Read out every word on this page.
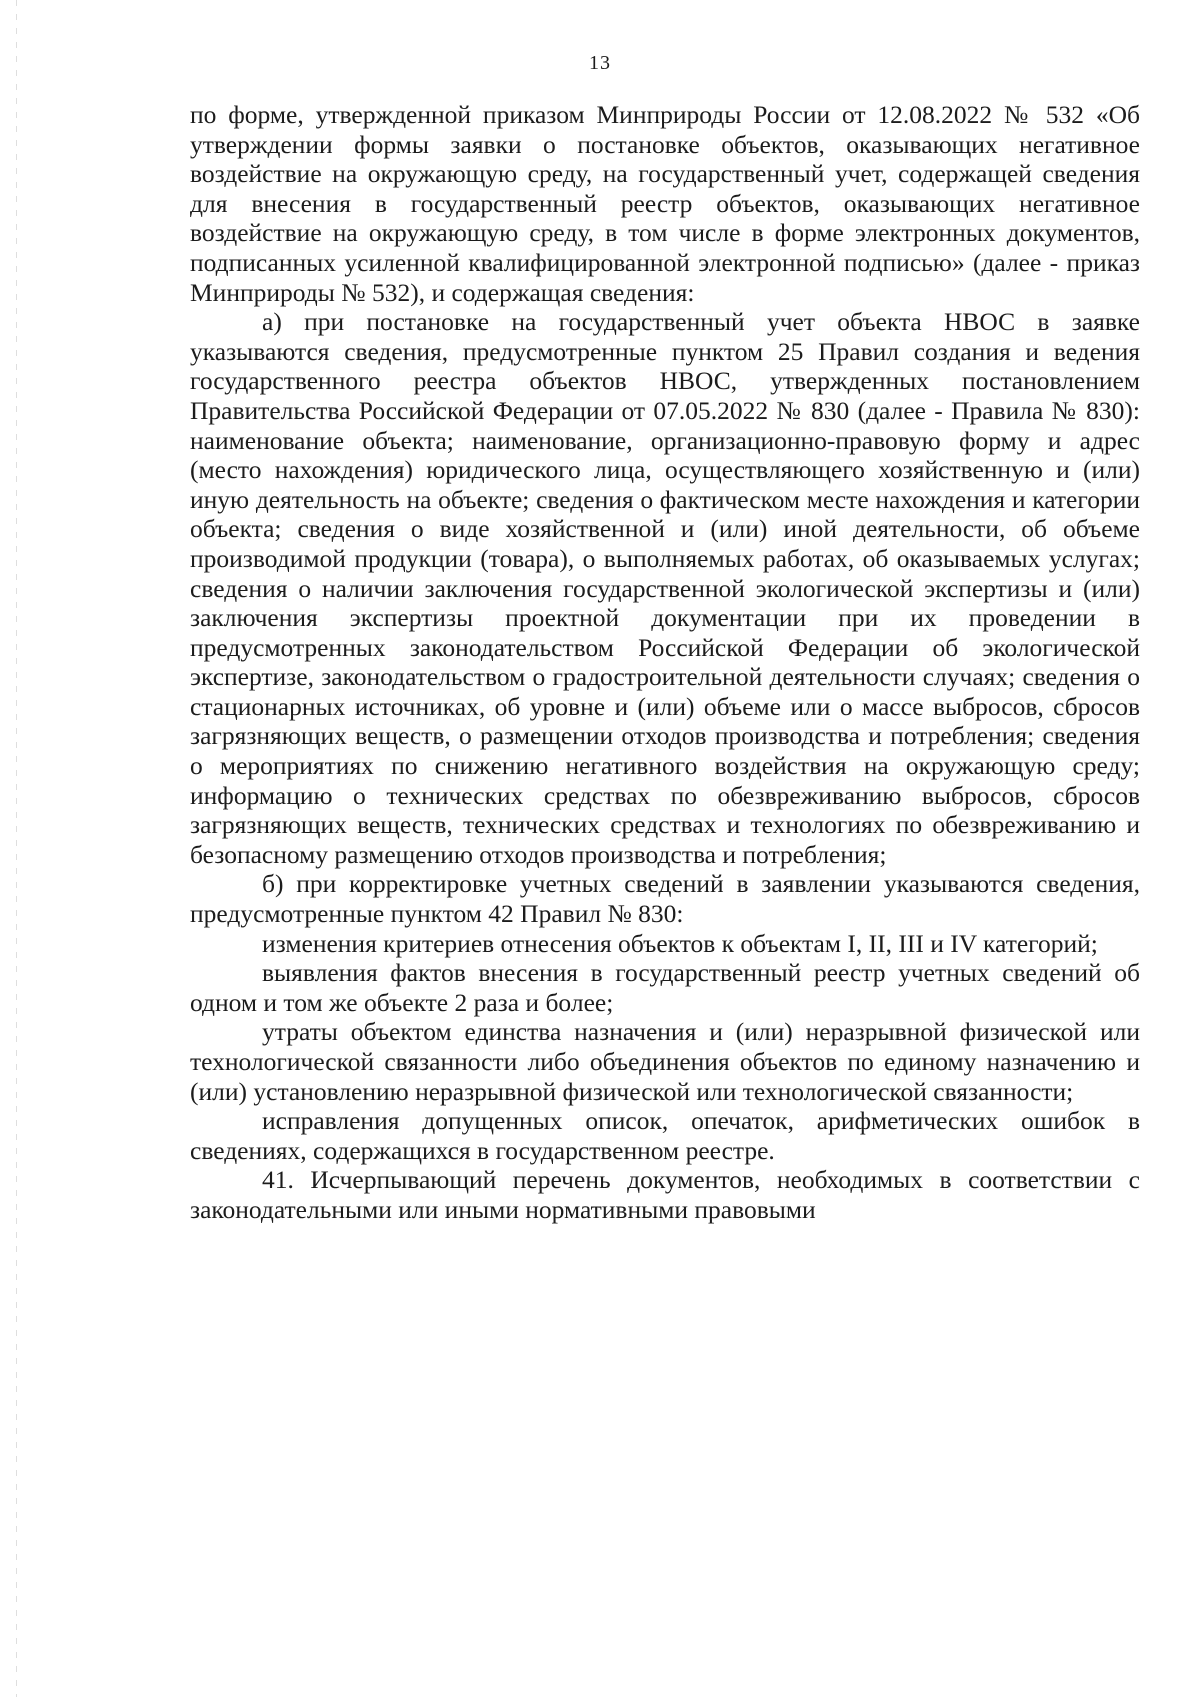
13

по форме, утвержденной приказом Минприроды России от 12.08.2022 № 532 «Об утверждении формы заявки о постановке объектов, оказывающих негативное воздействие на окружающую среду, на государственный учет, содержащей сведения для внесения в государственный реестр объектов, оказывающих негативное воздействие на окружающую среду, в том числе в форме электронных документов, подписанных усиленной квалифицированной электронной подписью» (далее - приказ Минприроды № 532), и содержащая сведения:

а) при постановке на государственный учет объекта НВОС в заявке указываются сведения, предусмотренные пунктом 25 Правил создания и ведения государственного реестра объектов НВОС, утвержденных постановлением Правительства Российской Федерации от 07.05.2022 № 830 (далее - Правила № 830): наименование объекта; наименование, организационно-правовую форму и адрес (место нахождения) юридического лица, осуществляющего хозяйственную и (или) иную деятельность на объекте; сведения о фактическом месте нахождения и категории объекта; сведения о виде хозяйственной и (или) иной деятельности, об объеме производимой продукции (товара), о выполняемых работах, об оказываемых услугах; сведения о наличии заключения государственной экологической экспертизы и (или) заключения экспертизы проектной документации при их проведении в предусмотренных законодательством Российской Федерации об экологической экспертизе, законодательством о градостроительной деятельности случаях; сведения о стационарных источниках, об уровне и (или) объеме или о массе выбросов, сбросов загрязняющих веществ, о размещении отходов производства и потребления; сведения о мероприятиях по снижению негативного воздействия на окружающую среду; информацию о технических средствах по обезвреживанию выбросов, сбросов загрязняющих веществ, технических средствах и технологиях по обезвреживанию и безопасному размещению отходов производства и потребления;

б) при корректировке учетных сведений в заявлении указываются сведения, предусмотренные пунктом 42 Правил № 830:

изменения критериев отнесения объектов к объектам I, II, III и IV категорий;

выявления фактов внесения в государственный реестр учетных сведений об одном и том же объекте 2 раза и более;

утраты объектом единства назначения и (или) неразрывной физической или технологической связанности либо объединения объектов по единому назначению и (или) установлению неразрывной физической или технологической связанности;

исправления допущенных описок, опечаток, арифметических ошибок в сведениях, содержащихся в государственном реестре.

41. Исчерпывающий перечень документов, необходимых в соответствии с законодательными или иными нормативными правовыми
